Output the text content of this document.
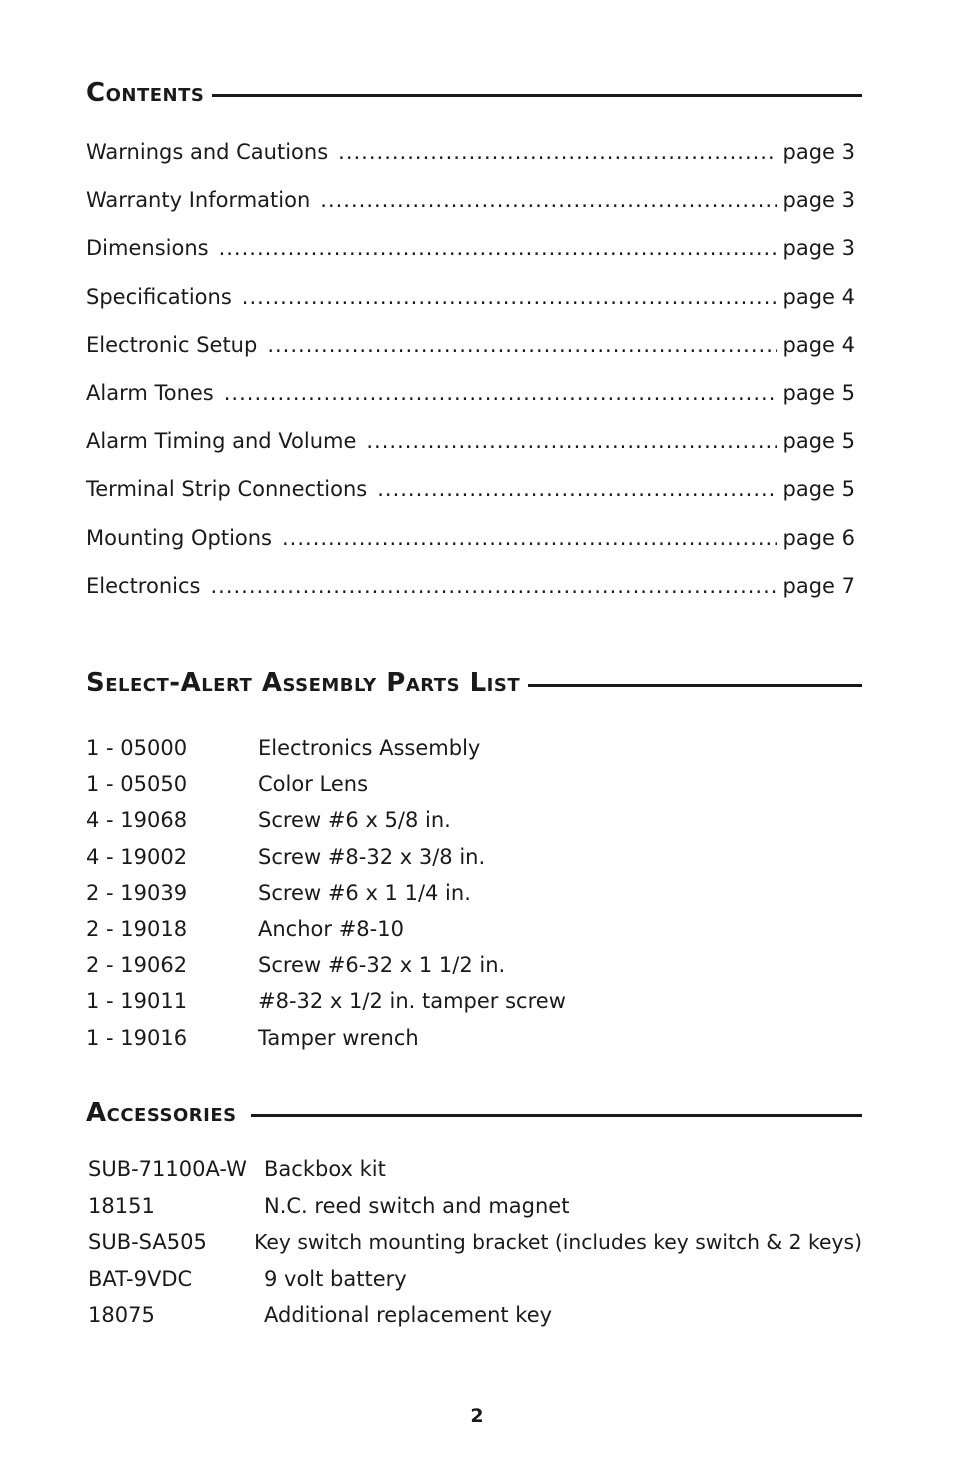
Contents
Warnings and Cautions .....	page 3
Warranty Information .....	page 3
Dimensions .....	page 3
Specifications .....	page 4
Electronic Setup .....	page 4
Alarm Tones .....	page 5
Alarm Timing and Volume .....	page 5
Terminal Strip Connections .....	page 5
Mounting Options .....	page 6
Electronics .....	page 7
Select-Alert Assembly Parts List
1 - 05000	Electronics Assembly
1 - 05050	Color Lens
4 - 19068	Screw #6 x 5/8 in.
4 - 19002	Screw #8-32 x 3/8 in.
2 - 19039	Screw #6 x 1 1/4 in.
2 - 19018	Anchor #8-10
2 - 19062	Screw #6-32 x 1 1/2 in.
1 - 19011	#8-32 x 1/2 in. tamper screw
1 - 19016	Tamper wrench
Accessories
SUB-71100A-W Backbox kit
18151	N.C. reed switch and magnet
SUB-SA505	Key switch mounting bracket (includes key switch & 2 keys)
BAT-9VDC	9 volt battery
18075	Additional replacement key
2
